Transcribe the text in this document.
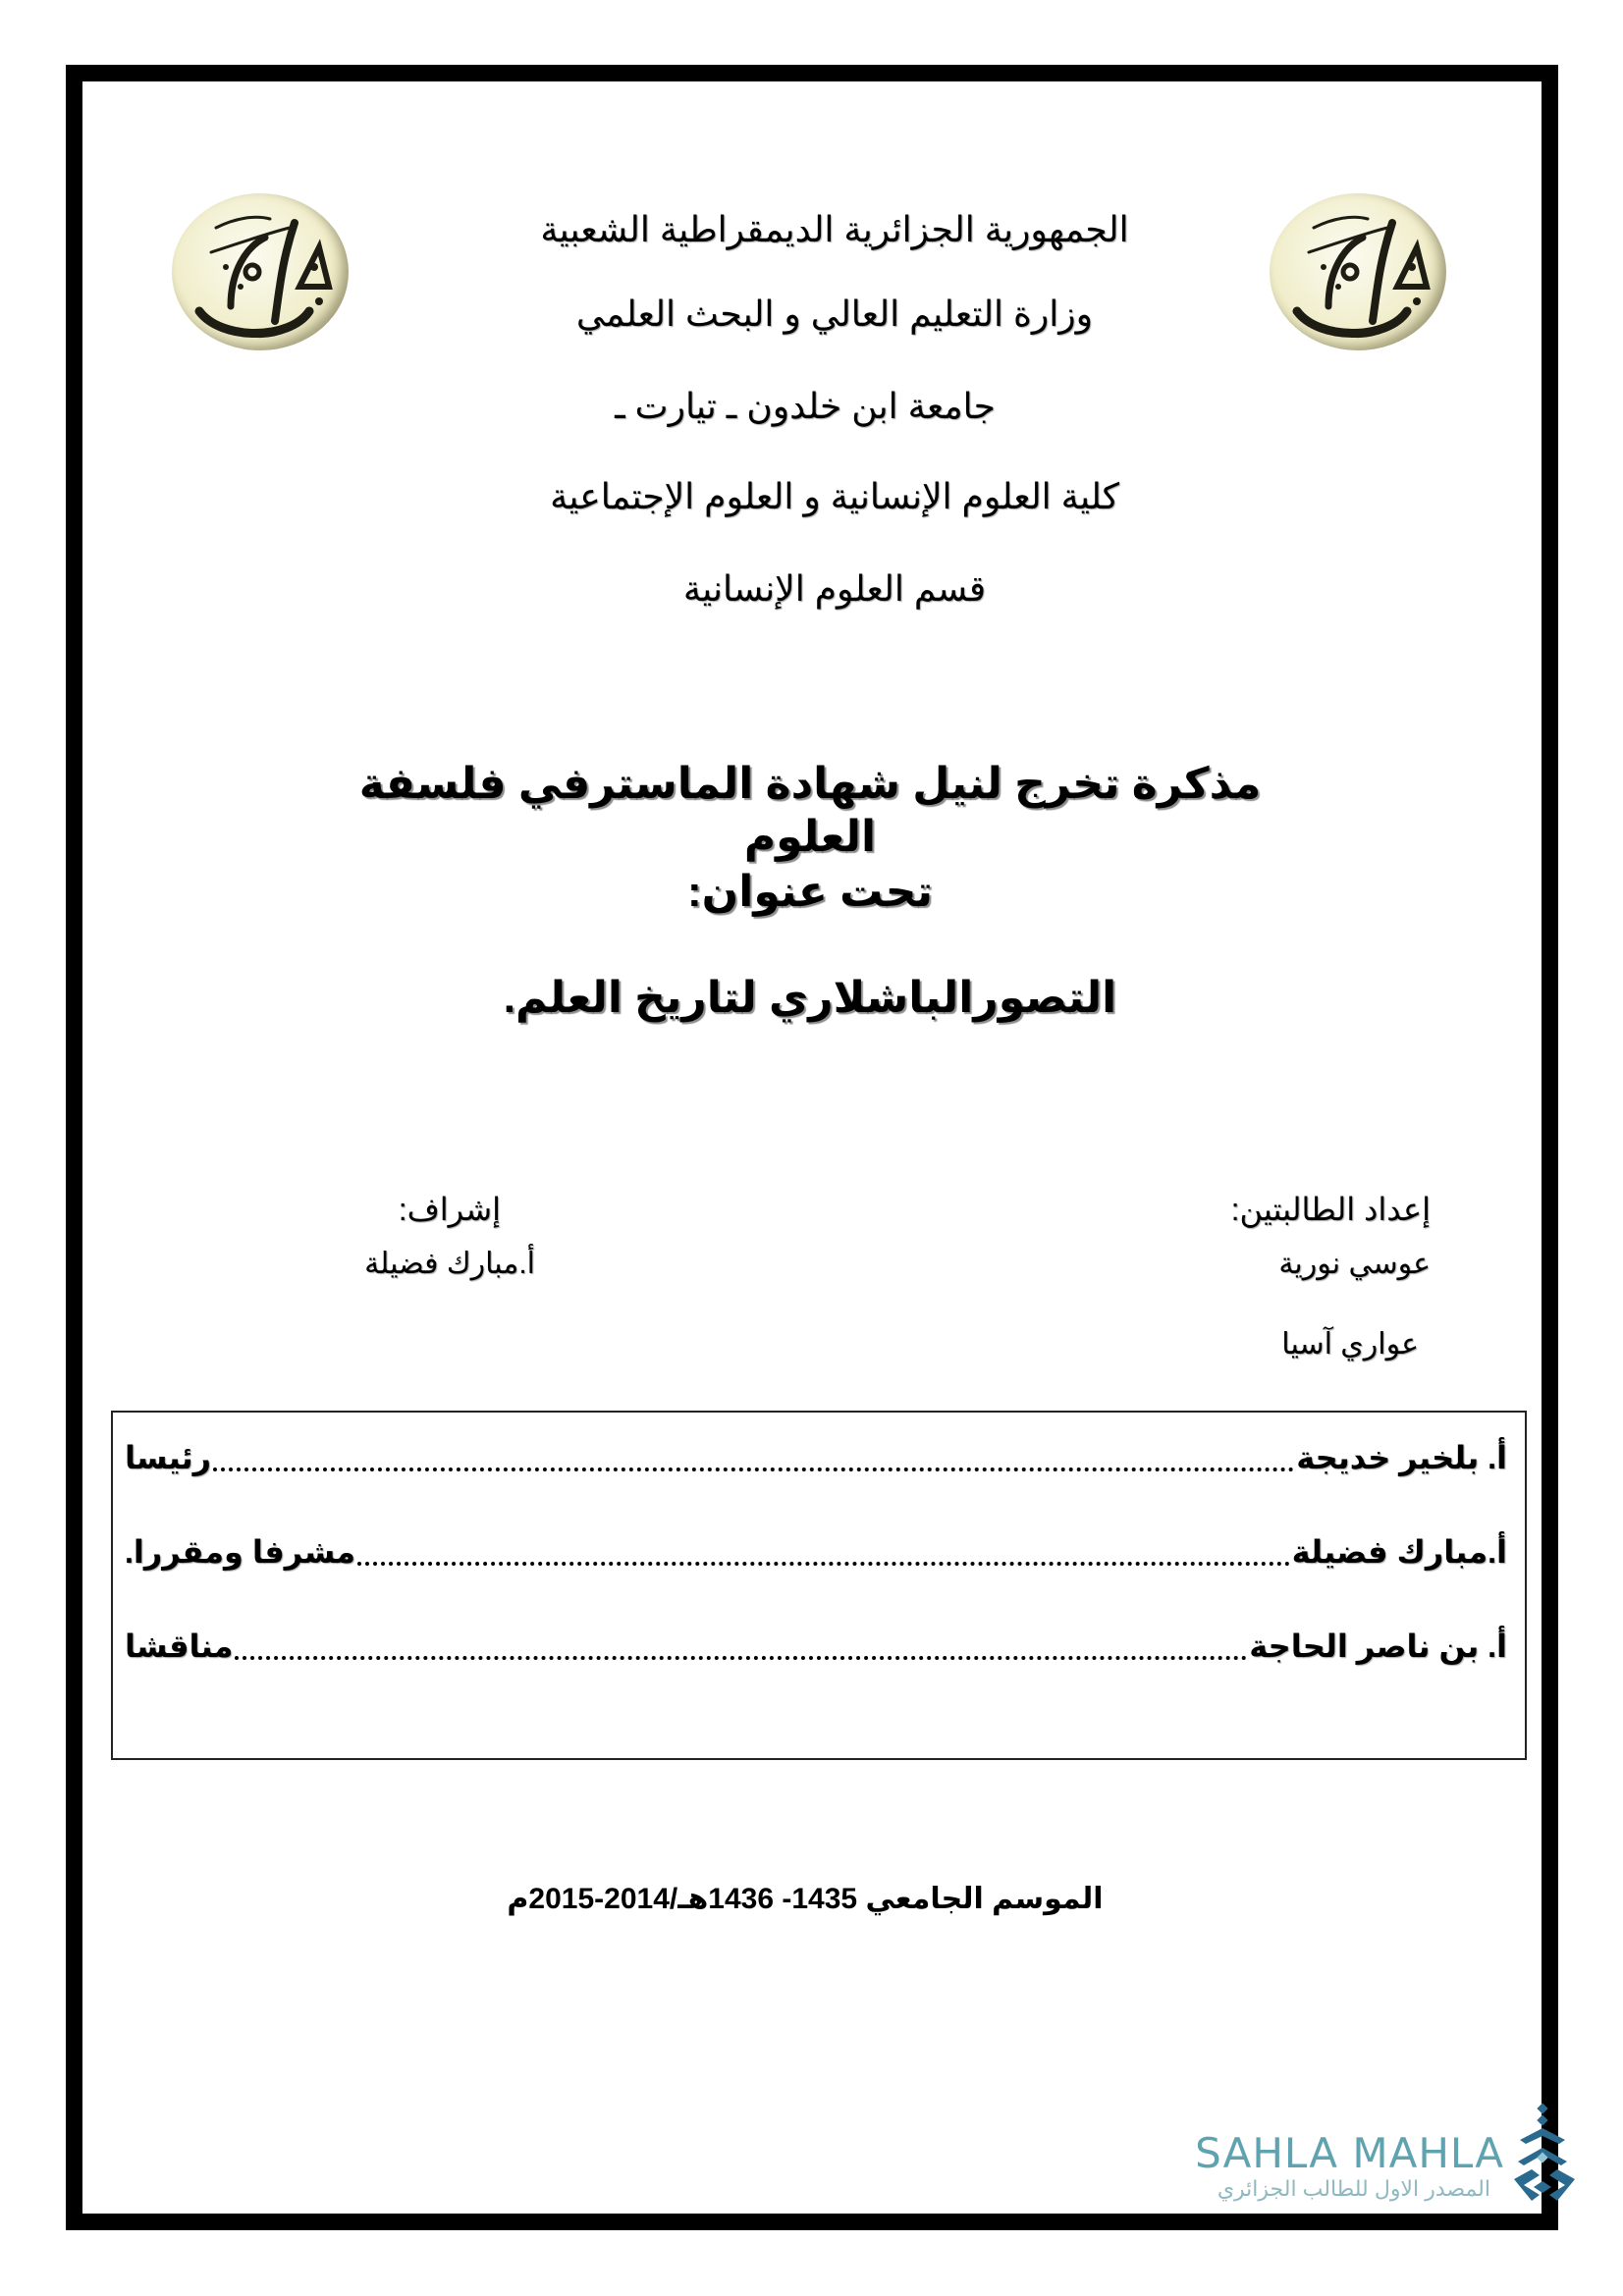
الجمهورية الجزائرية الديمقراطية الشعبية
وزارة التعليم العالي و البحث العلمي
جامعة ابن خلدون ـ تيارت ـ
كلية العلوم الإنسانية و العلوم الإجتماعية
قسم العلوم الإنسانية
مذكرة تخرج لنيل شهادة الماسترفي فلسفة العلوم
تحت عنوان:
التصورالباشلاري لتاريخ العلم.
إعداد الطالبتين:
عوسي نورية
عواري آسيا
إشراف:
أ.مبارك فضيلة
أ. بلخير خديجة
رئيسا
أ.مبارك فضيلة
مشرفا ومقررا.
أ. بن ناصر الحاجة
مناقشا
الموسم الجامعي 1435- 1436هـ/2014-2015م
SAHLA MAHLA
المصدر الاول للطالب الجزائري
